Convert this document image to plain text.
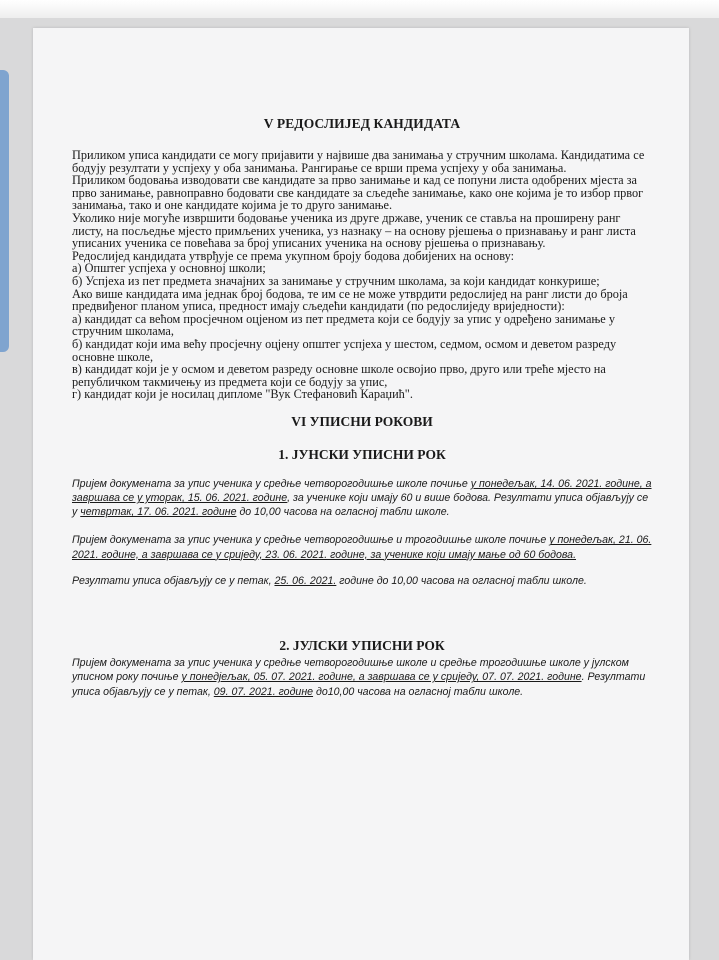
V РЕДОСЛИЈЕД КАНДИДАТА

Приликом уписа кандидати се могу пријавити у највише два занимања у стручним школама. Кандидатима се бодују резултати у успјеху у оба занимања. Рангирање се врши према успјеху у оба занимања.

Приликом бодовања изводовати све кандидате за прво занимање и кад се попуни листа одобрених мјеста за прво занимање, равноправно бодовати све кандидате за сљедеће занимање, како оне којима је то избор првог занимања, тако и оне кандидате којима је то друго занимање.

Уколико није могуће извршити бодовање ученика из друге државе, ученик се ставља на проширену ранг листу, на посљедње мјесто примљених ученика, уз назнаку – на основу рјешења о признавању и ранг листа уписаних ученика се повећава за број уписаних ученика на основу рјешења о признавању.

Редослијед кандидата утврђује се према укупном броју бодова добијених на основу:

а) Општег успјеха у основној школи;

б) Успјеха из пет предмета значајних за занимање у стручним школама, за који кандидат конкурише;

Ако више кандидата има једнак број бодова, те им се не може утврдити редослијед на ранг листи до броја предвиђеног планом уписа, предност имају сљедећи кандидати (по редослиједу вриједности):

а) кандидат са већом просјечном оцјеном из пет предмета који се бодују за упис у одређено занимање у стручним школама,

б) кандидат који има већу просјечну оцјену општег успјеха у шестом, седмом, осмом и деветом разреду основне школе,

в) кандидат који је у осмом и деветом разреду основне школе освојио прво, друго или треће мјесто на републичком такмичењу из предмета који се бодују за упис,

г) кандидат који је носилац дипломе "Вук Стефановић Караџић".

VI УПИСНИ РОКОВИ
1. ЈУНСКИ УПИСНИ РОК

Пријем докумената за упис ученика у средње четворогодишње школе почиње у понедељак, 14. 06. 2021. године, а завршава се у уторак, 15. 06. 2021. године, за ученике који имају 60 и више бодова. Резултати уписа објављују се у четвртак, 17. 06. 2021. године до 10,00 часова на огласној табли школе.

Пријем докумената за упис ученика у средње четворогодишње и трогодишње школе почиње у понедељак, 21. 06. 2021. године, а завршава се у сриједу, 23. 06. 2021. године, за ученике који имају мање од 60 бодова.

Резултати уписа објављују се у петак, 25. 06. 2021. године до 10,00 часова на огласној табли школе.

2. ЈУЛСКИ УПИСНИ РОК

Пријем докумената за упис ученика у средње четворогодишње школе и средње трогодишње школе у јулском уписном року почиње у понедјељак, 05. 07. 2021. године, а завршава се у сриједу, 07. 07. 2021. године. Резултати уписа објављују се у петак, 09. 07. 2021. године до10,00 часова на огласној табли школе.
